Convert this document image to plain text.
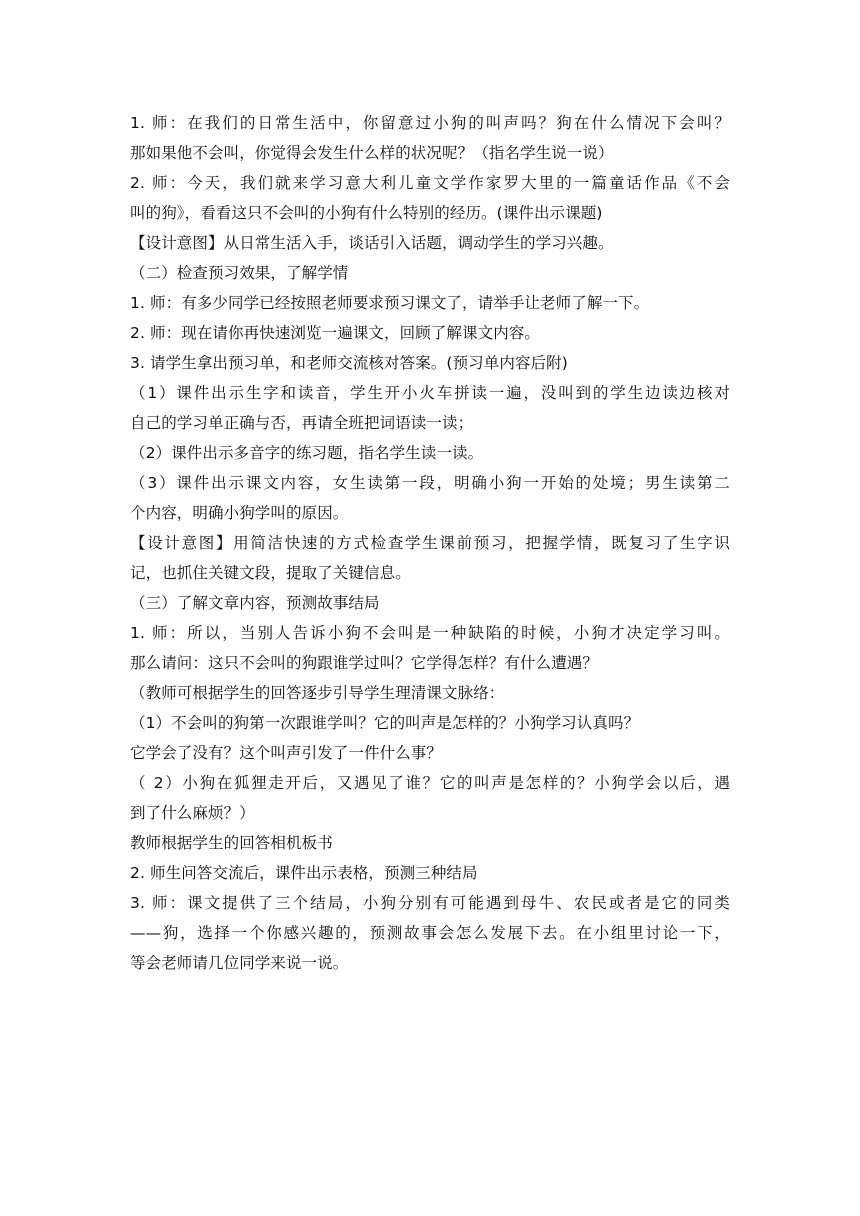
1. 师：在我们的日常生活中，你留意过小狗的叫声吗？狗在什么情况下会叫？
那如果他不会叫，你觉得会发生什么样的状况呢？（指名学生说一说）
2. 师：今天，我们就来学习意大利儿童文学作家罗大里的一篇童话作品《不会
叫的狗》，看看这只不会叫的小狗有什么特别的经历。(课件出示课题)
【设计意图】从日常生活入手，谈话引入话题，调动学生的学习兴趣。
（二）检查预习效果，了解学情
1. 师：有多少同学已经按照老师要求预习课文了，请举手让老师了解一下。
2. 师：现在请你再快速浏览一遍课文，回顾了解课文内容。
3. 请学生拿出预习单，和老师交流核对答案。(预习单内容后附)
（1）课件出示生字和读音，学生开小火车拼读一遍，没叫到的学生边读边核对
自己的学习单正确与否，再请全班把词语读一读；
（2）课件出示多音字的练习题，指名学生读一读。
（3）课件出示课文内容，女生读第一段，明确小狗一开始的处境；男生读第二
个内容，明确小狗学叫的原因。
【设计意图】用简洁快速的方式检查学生课前预习，把握学情，既复习了生字识
记，也抓住关键文段，提取了关键信息。
（三）了解文章内容，预测故事结局
1. 师：所以，当别人告诉小狗不会叫是一种缺陷的时候，小狗才决定学习叫。
那么请问：这只不会叫的狗跟谁学过叫？它学得怎样？有什么遭遇？
（教师可根据学生的回答逐步引导学生理清课文脉络：
（1）不会叫的狗第一次跟谁学叫？它的叫声是怎样的？小狗学习认真吗？
它学会了没有？这个叫声引发了一件什么事？
（ 2）小狗在狐狸走开后，又遇见了谁？它的叫声是怎样的？小狗学会以后，遇
到了什么麻烦？）
教师根据学生的回答相机板书
2. 师生问答交流后，课件出示表格，预测三种结局
3. 师：课文提供了三个结局，小狗分别有可能遇到母牛、农民或者是它的同类
——狗，选择一个你感兴趣的，预测故事会怎么发展下去。在小组里讨论一下，
等会老师请几位同学来说一说。
